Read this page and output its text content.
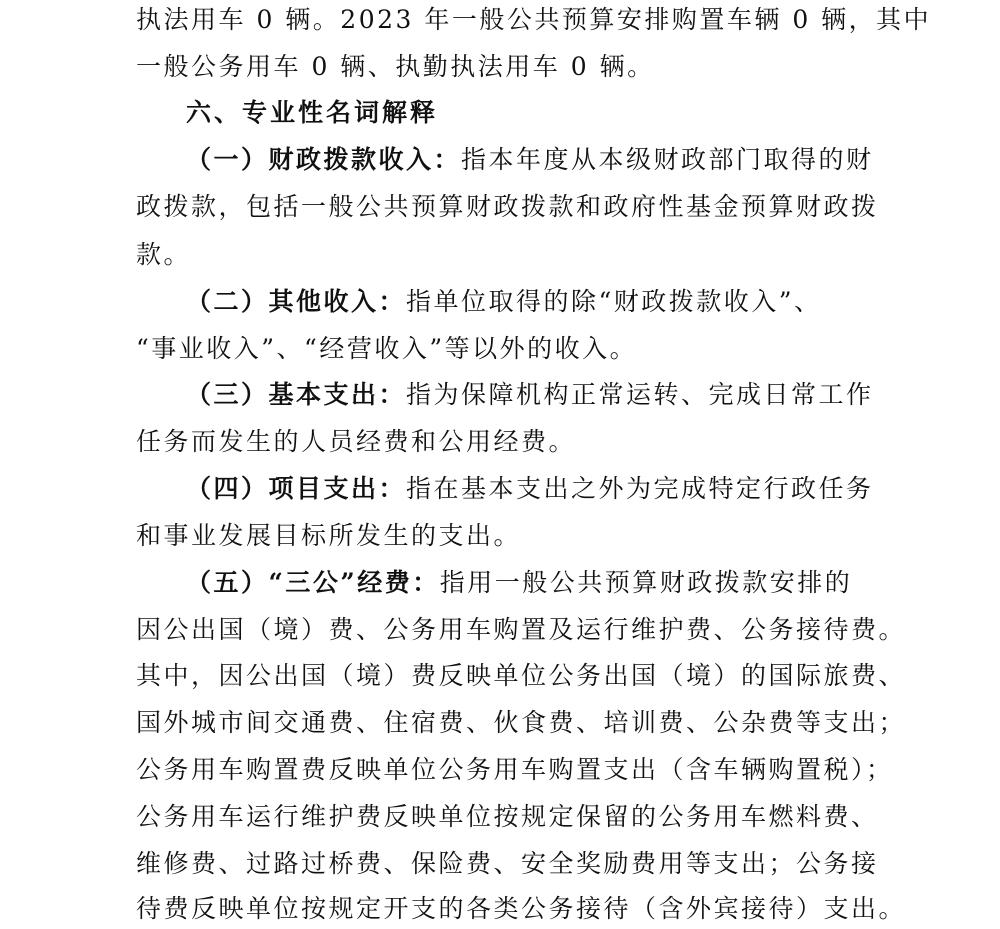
执法用车 0 辆。2023 年一般公共预算安排购置车辆 0 辆，其中
一般公务用车 0 辆、执勤执法用车 0 辆。
六、专业性名词解释
（一）财政拨款收入：指本年度从本级财政部门取得的财
政拨款，包括一般公共预算财政拨款和政府性基金预算财政拨
款。
（二）其他收入：指单位取得的除“财政拨款收入”、
“事业收入”、“经营收入”等以外的收入。
（三）基本支出：指为保障机构正常运转、完成日常工作
任务而发生的人员经费和公用经费。
（四）项目支出：指在基本支出之外为完成特定行政任务
和事业发展目标所发生的支出。
（五）“三公”经费：指用一般公共预算财政拨款安排的
因公出国（境）费、公务用车购置及运行维护费、公务接待费。
其中，因公出国（境）费反映单位公务出国（境）的国际旅费、
国外城市间交通费、住宿费、伙食费、培训费、公杂费等支出；
公务用车购置费反映单位公务用车购置支出（含车辆购置税）；
公务用车运行维护费反映单位按规定保留的公务用车燃料费、
维修费、过路过桥费、保险费、安全奖励费用等支出；公务接
待费反映单位按规定开支的各类公务接待（含外宾接待）支出。
